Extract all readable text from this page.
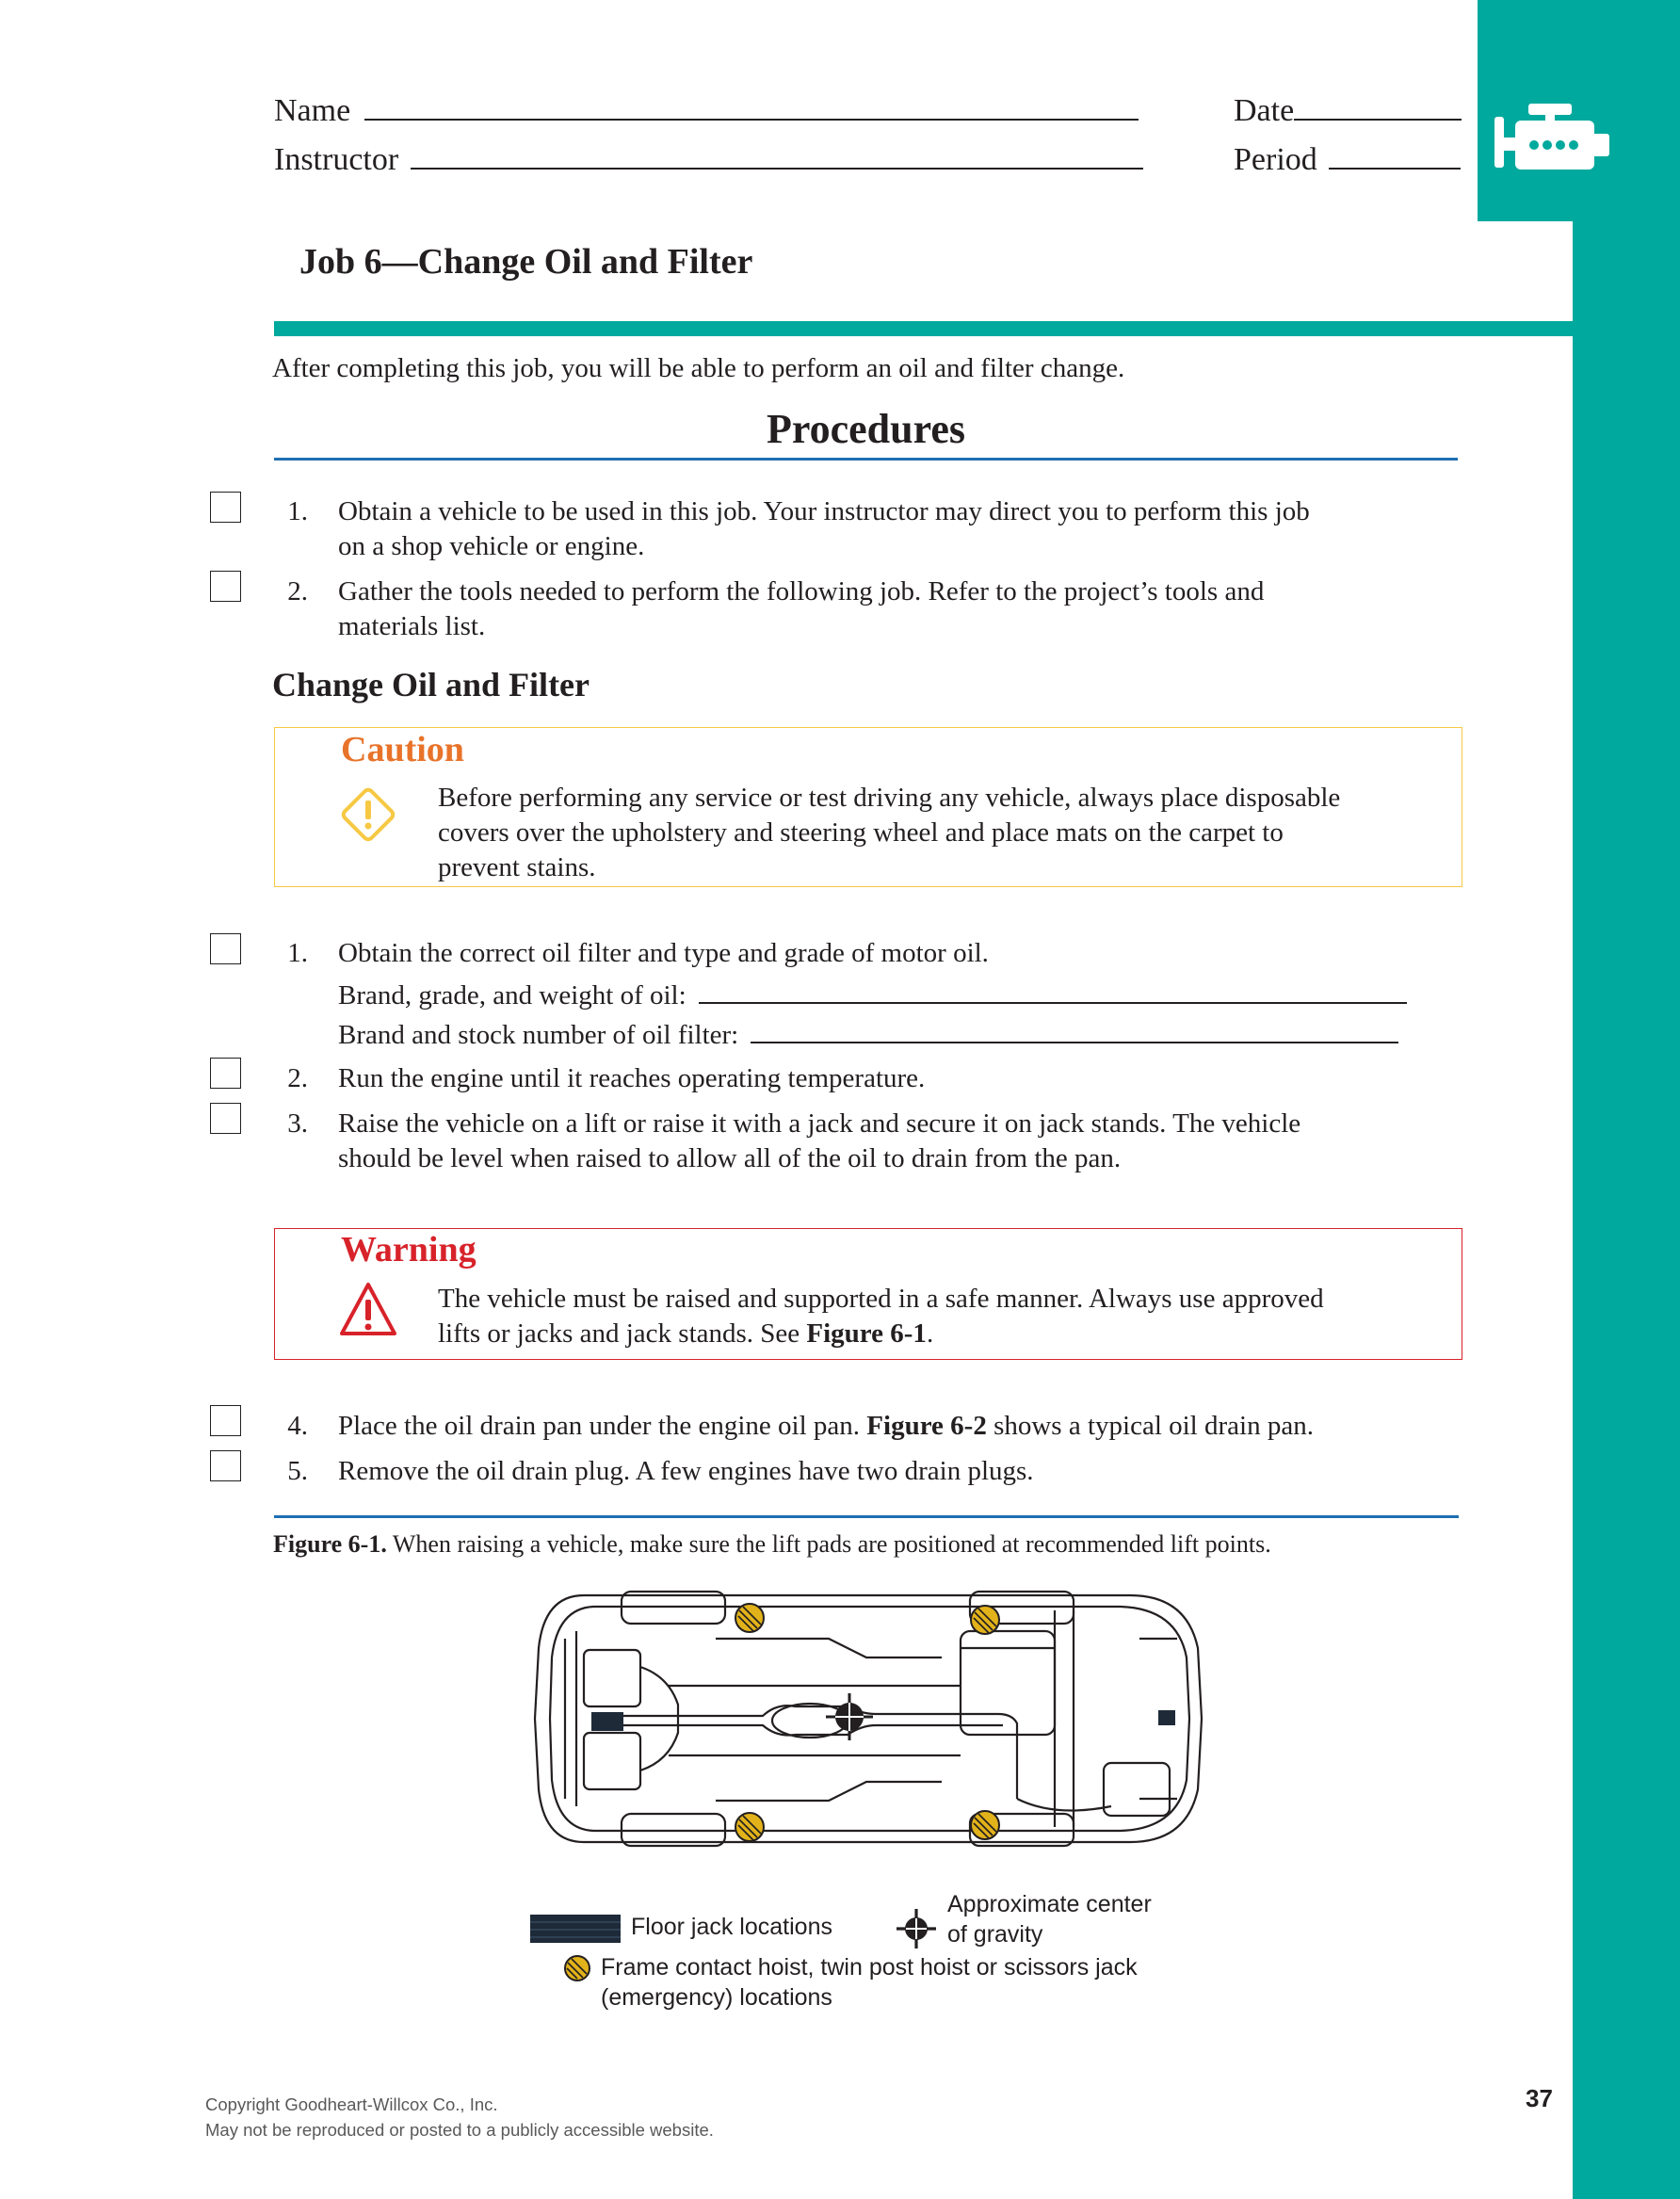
Name
Instructor
Date
Period
Job 6—Change Oil and Filter
After completing this job, you will be able to perform an oil and filter change.
Procedures
1. Obtain a vehicle to be used in this job. Your instructor may direct you to perform this job
on a shop vehicle or engine.
2. Gather the tools needed to perform the following job. Refer to the project’s tools and
materials list.
Change Oil and Filter
Caution
Before performing any service or test driving any vehicle, always place disposable
covers over the upholstery and steering wheel and place mats on the carpet to
prevent stains.
1. Obtain the correct oil filter and type and grade of motor oil.
Brand, grade, and weight of oil:
Brand and stock number of oil filter:
2. Run the engine until it reaches operating temperature.
3. Raise the vehicle on a lift or raise it with a jack and secure it on jack stands. The vehicle
should be level when raised to allow all of the oil to drain from the pan.
Warning
The vehicle must be raised and supported in a safe manner. Always use approved
lifts or jacks and jack stands. See Figure 6-1.
4. Place the oil drain pan under the engine oil pan. Figure 6-2 shows a typical oil drain pan.
5. Remove the oil drain plug. A few engines have two drain plugs.
Figure 6-1. When raising a vehicle, make sure the lift pads are positioned at recommended lift points.
Floor jack locations
Approximate center
of gravity
Frame contact hoist, twin post hoist or scissors jack
(emergency) locations
Copyright Goodheart-Willcox Co., Inc.
May not be reproduced or posted to a publicly accessible website.
37
